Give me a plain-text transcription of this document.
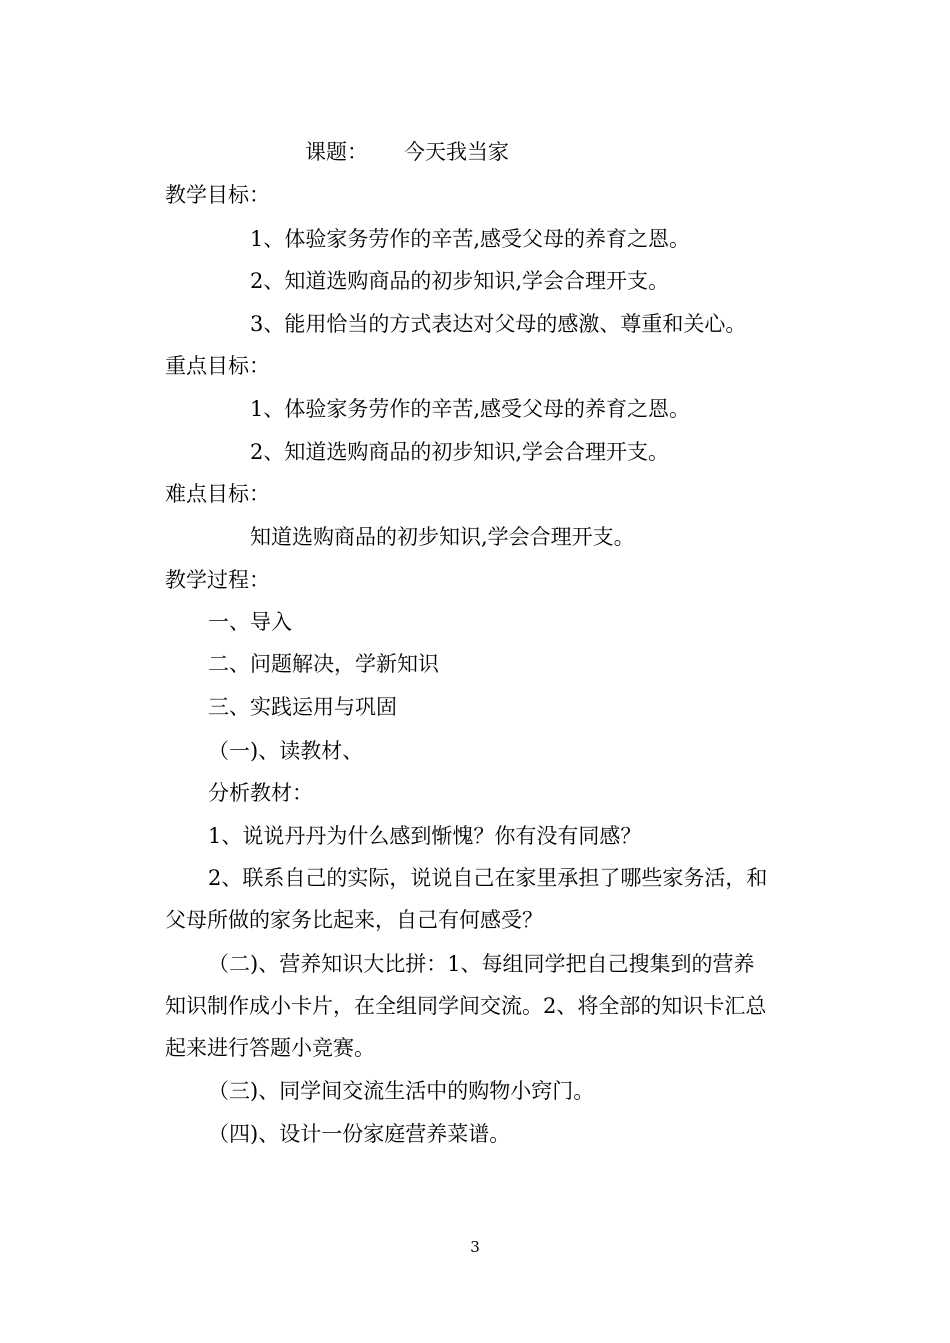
课题： 今天我当家
教学目标：
1、体验家务劳作的辛苦,感受父母的养育之恩。
2、知道选购商品的初步知识,学会合理开支。
3、能用恰当的方式表达对父母的感激、尊重和关心。
重点目标：
1、体验家务劳作的辛苦,感受父母的养育之恩。
2、知道选购商品的初步知识,学会合理开支。
难点目标：
知道选购商品的初步知识,学会合理开支。
教学过程：
一、导入
二、问题解决，学新知识
三、实践运用与巩固
（一)、读教材、
分析教材：
1、说说丹丹为什么感到惭愧？你有没有同感？
2、联系自己的实际，说说自己在家里承担了哪些家务活，和
父母所做的家务比起来，自己有何感受？
（二)、营养知识大比拼：1、每组同学把自己搜集到的营养
知识制作成小卡片，在全组同学间交流。2、将全部的知识卡汇总
起来进行答题小竞赛。
（三)、同学间交流生活中的购物小窍门。
（四)、设计一份家庭营养菜谱。
3
